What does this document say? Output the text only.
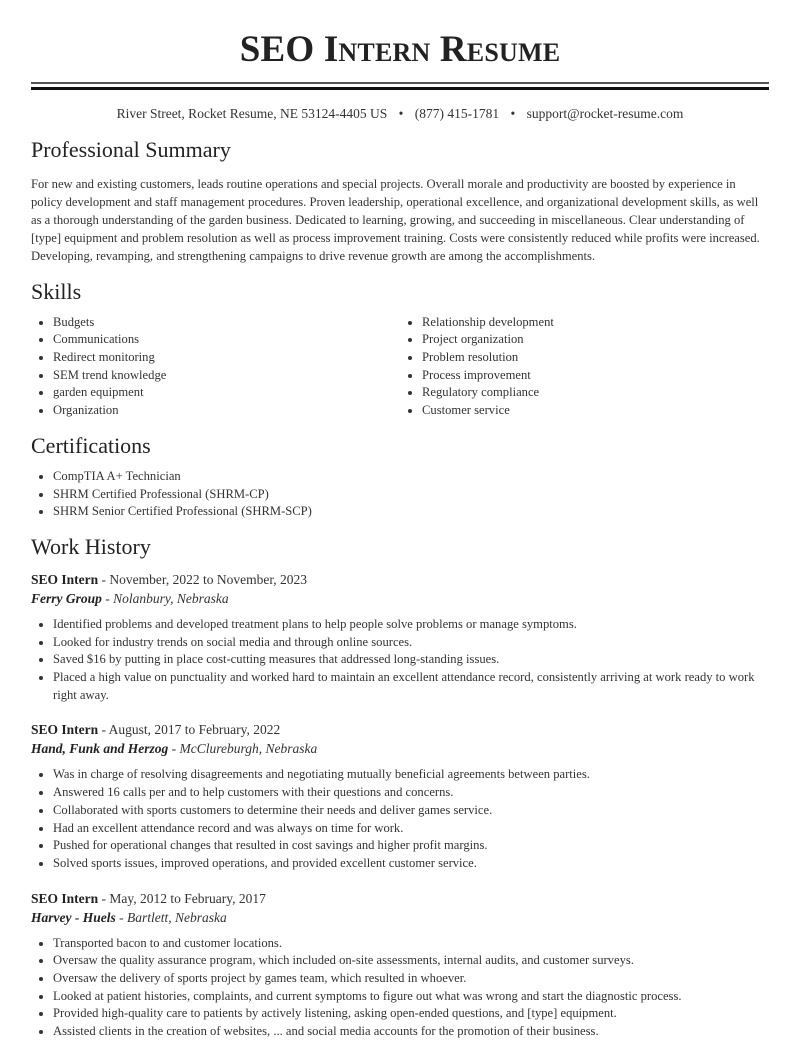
SEO Intern Resume
River Street, Rocket Resume, NE 53124-4405 US • (877) 415-1781 • support@rocket-resume.com
Professional Summary

For new and existing customers, leads routine operations and special projects. Overall morale and productivity are boosted by experience in policy development and staff management procedures. Proven leadership, operational excellence, and organizational development skills, as well as a thorough understanding of the garden business. Dedicated to learning, growing, and succeeding in miscellaneous. Clear understanding of [type] equipment and problem resolution as well as process improvement training. Costs were consistently reduced while profits were increased. Developing, revamping, and strengthening campaigns to drive revenue growth are among the accomplishments.

Skills
• Budgets
• Communications
• Redirect monitoring
• SEM trend knowledge
• garden equipment
• Organization
• Relationship development
• Project organization
• Problem resolution
• Process improvement
• Regulatory compliance
• Customer service
Certifications
• CompTIA A+ Technician
• SHRM Certified Professional (SHRM-CP)
• SHRM Senior Certified Professional (SHRM-SCP)
Work History
SEO Intern - November, 2022 to November, 2023
Ferry Group - Nolanbury, Nebraska
• Identified problems and developed treatment plans to help people solve problems or manage symptoms.
• Looked for industry trends on social media and through online sources.
• Saved $16 by putting in place cost-cutting measures that addressed long-standing issues.
• Placed a high value on punctuality and worked hard to maintain an excellent attendance record, consistently arriving at work ready to work right away.
SEO Intern - August, 2017 to February, 2022
Hand, Funk and Herzog - McClureburgh, Nebraska
• Was in charge of resolving disagreements and negotiating mutually beneficial agreements between parties.
• Answered 16 calls per and to help customers with their questions and concerns.
• Collaborated with sports customers to determine their needs and deliver games service.
• Had an excellent attendance record and was always on time for work.
• Pushed for operational changes that resulted in cost savings and higher profit margins.
• Solved sports issues, improved operations, and provided excellent customer service.
SEO Intern - May, 2012 to February, 2017
Harvey - Huels - Bartlett, Nebraska
• Transported bacon to and customer locations.
• Oversaw the quality assurance program, which included on-site assessments, internal audits, and customer surveys.
• Oversaw the delivery of sports project by games team, which resulted in whoever.
• Looked at patient histories, complaints, and current symptoms to figure out what was wrong and start the diagnostic process.
• Provided high-quality care to patients by actively listening, asking open-ended questions, and [type] equipment.
• Assisted clients in the creation of websites, ... and social media accounts for the promotion of their business.
